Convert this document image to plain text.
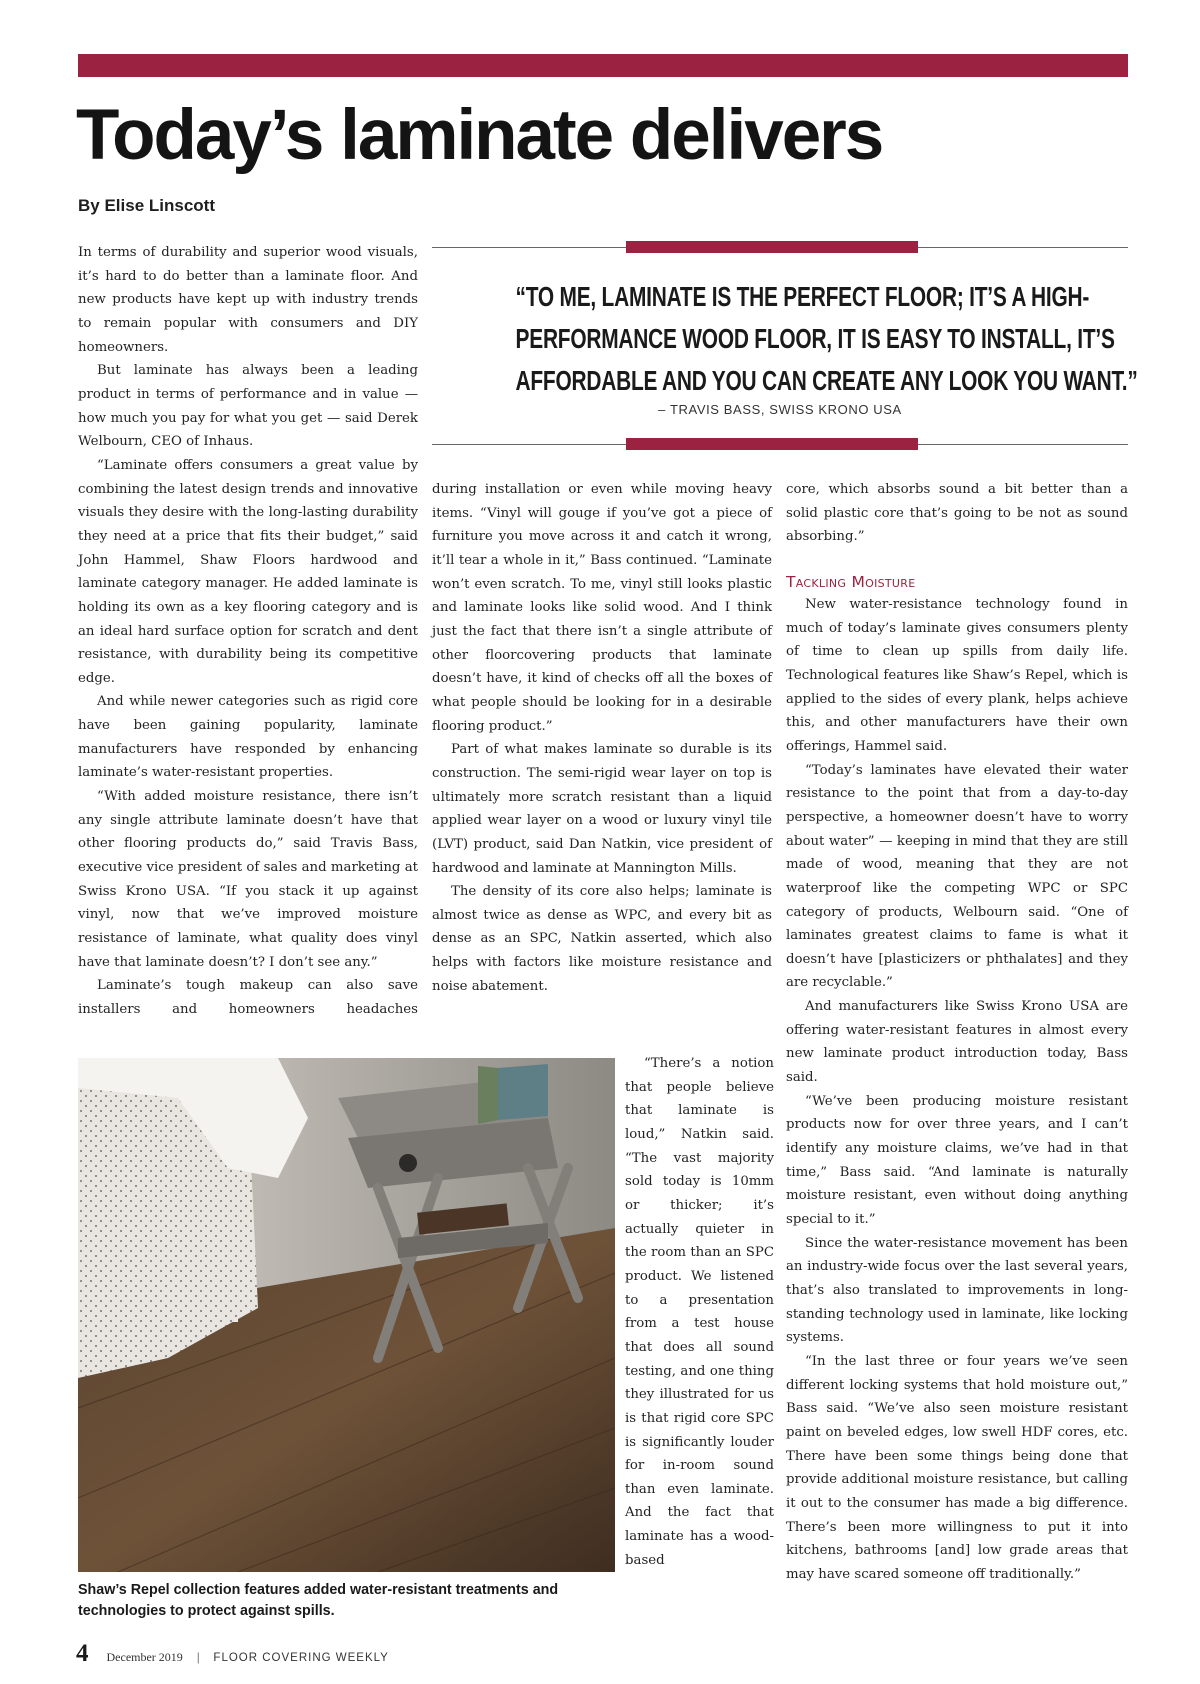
Today’s laminate delivers
By Elise Linscott

In terms of durability and superior wood visuals, it’s hard to do better than a laminate floor. And new products have kept up with industry trends to remain popular with consumers and DIY homeowners.

But laminate has always been a leading product in terms of performance and in value — how much you pay for what you get — said Derek Welbourn, CEO of Inhaus.

“Laminate offers consumers a great value by combining the latest design trends and innovative visuals they desire with the long-lasting durability they need at a price that fits their budget,” said John Hammel, Shaw Floors hardwood and laminate category manager. He added laminate is holding its own as a key flooring category and is an ideal hard surface option for scratch and dent resistance, with durability being its competitive edge.

And while newer categories such as rigid core have been gaining popularity, laminate manufacturers have responded by enhancing laminate’s water-resistant properties.

“With added moisture resistance, there isn’t any single attribute laminate doesn’t have that other flooring products do,” said Travis Bass, executive vice president of sales and marketing at Swiss Krono USA. “If you stack it up against vinyl, now that we’ve improved moisture resistance of laminate, what quality does vinyl have that laminate doesn’t? I don’t see any.”

Laminate’s tough makeup can also save installers and homeowners headaches

“TO ME, LAMINATE IS THE PERFECT FLOOR; IT’S A HIGH-
PERFORMANCE WOOD FLOOR, IT IS EASY TO INSTALL, IT’S
AFFORDABLE AND YOU CAN CREATE ANY LOOK YOU WANT.”
– TRAVIS BASS, SWISS KRONO USA

during installation or even while moving heavy items. “Vinyl will gouge if you’ve got a piece of furniture you move across it and catch it wrong, it’ll tear a whole in it,” Bass continued. “Laminate won’t even scratch. To me, vinyl still looks plastic and laminate looks like solid wood. And I think just the fact that there isn’t a single attribute of other floorcovering products that laminate doesn’t have, it kind of checks off all the boxes of what people should be looking for in a desirable flooring product.”

Part of what makes laminate so durable is its construction. The semi-rigid wear layer on top is ultimately more scratch resistant than a liquid applied wear layer on a wood or luxury vinyl tile (LVT) product, said Dan Natkin, vice president of hardwood and laminate at Mannington Mills.

The density of its core also helps; laminate is almost twice as dense as WPC, and every bit as dense as an SPC, Natkin asserted, which also helps with factors like moisture resistance and noise abatement.

“There’s a notion that people believe that laminate is loud,” Natkin said. “The vast majority sold today is 10mm or thicker; it’s actually quieter in the room than an SPC product. We listened to a presentation from a test house that does all sound testing, and one thing they illustrated for us is that rigid core SPC is significantly louder for in-room sound than even laminate. And the fact that laminate has a wood-based

core, which absorbs sound a bit better than a solid plastic core that’s going to be not as sound absorbing.”

Tackling Moisture

New water-resistance technology found in much of today’s laminate gives consumers plenty of time to clean up spills from daily life. Technological features like Shaw’s Repel, which is applied to the sides of every plank, helps achieve this, and other manufacturers have their own offerings, Hammel said.

“Today’s laminates have elevated their water resistance to the point that from a day-to-day perspective, a homeowner doesn’t have to worry about water” — keeping in mind that they are still made of wood, meaning that they are not waterproof like the competing WPC or SPC category of products, Welbourn said. “One of laminates greatest claims to fame is what it doesn’t have [plasticizers or phthalates] and they are recyclable.”

And manufacturers like Swiss Krono USA are offering water-resistant features in almost every new laminate product introduction today, Bass said.

“We’ve been producing moisture resistant products now for over three years, and I can’t identify any moisture claims, we’ve had in that time,” Bass said. “And laminate is naturally moisture resistant, even without doing anything special to it.”

Since the water-resistance movement has been an industry-wide focus over the last several years, that’s also translated to improvements in long-standing technology used in laminate, like locking systems.

“In the last three or four years we’ve seen different locking systems that hold moisture out,” Bass said. “We’ve also seen moisture resistant paint on beveled edges, low swell HDF cores, etc. There have been some things being done that provide additional moisture resistance, but calling it out to the consumer has made a big difference. There’s been more willingness to put it into kitchens, bathrooms [and] low grade areas that may have scared someone off traditionally.”

Shaw’s Repel collection features added water-resistant treatments and technologies to protect against spills.
4 December 2019 | FLOOR COVERING WEEKLY
